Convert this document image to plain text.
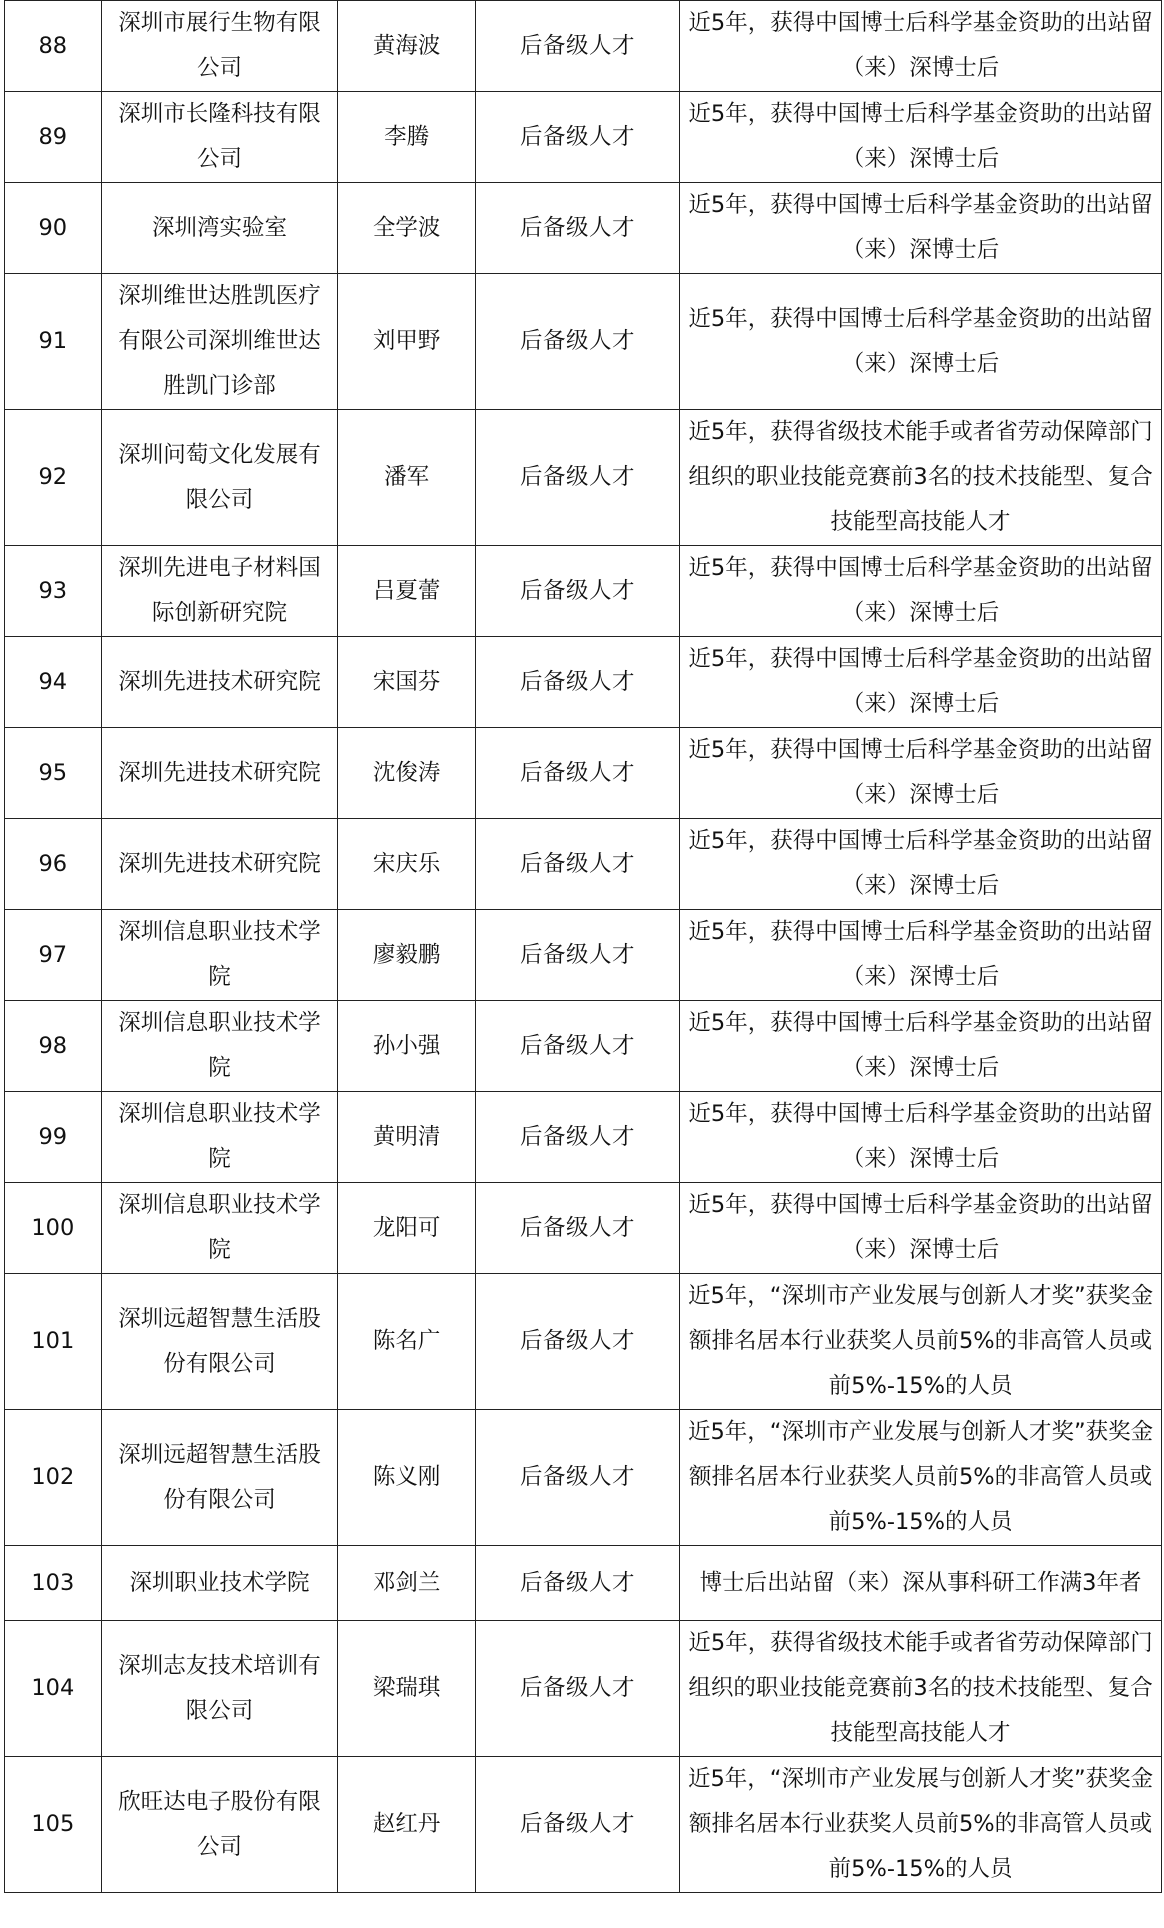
88	深圳市展行生物有限公司	黄海波	后备级人才	近5年，获得中国博士后科学基金资助的出站留（来）深博士后
89	深圳市长隆科技有限公司	李腾	后备级人才	近5年，获得中国博士后科学基金资助的出站留（来）深博士后
90	深圳湾实验室	全学波	后备级人才	近5年，获得中国博士后科学基金资助的出站留（来）深博士后
91	深圳维世达胜凯医疗有限公司深圳维世达胜凯门诊部	刘甲野	后备级人才	近5年，获得中国博士后科学基金资助的出站留（来）深博士后
92	深圳问萄文化发展有限公司	潘军	后备级人才	近5年，获得省级技术能手或者省劳动保障部门组织的职业技能竞赛前3名的技术技能型、复合技能型高技能人才
93	深圳先进电子材料国际创新研究院	吕夏蕾	后备级人才	近5年，获得中国博士后科学基金资助的出站留（来）深博士后
94	深圳先进技术研究院	宋国芬	后备级人才	近5年，获得中国博士后科学基金资助的出站留（来）深博士后
95	深圳先进技术研究院	沈俊涛	后备级人才	近5年，获得中国博士后科学基金资助的出站留（来）深博士后
96	深圳先进技术研究院	宋庆乐	后备级人才	近5年，获得中国博士后科学基金资助的出站留（来）深博士后
97	深圳信息职业技术学院	廖毅鹏	后备级人才	近5年，获得中国博士后科学基金资助的出站留（来）深博士后
98	深圳信息职业技术学院	孙小强	后备级人才	近5年，获得中国博士后科学基金资助的出站留（来）深博士后
99	深圳信息职业技术学院	黄明清	后备级人才	近5年，获得中国博士后科学基金资助的出站留（来）深博士后
100	深圳信息职业技术学院	龙阳可	后备级人才	近5年，获得中国博士后科学基金资助的出站留（来）深博士后
101	深圳远超智慧生活股份有限公司	陈名广	后备级人才	近5年，“深圳市产业发展与创新人才奖”获奖金额排名居本行业获奖人员前5%的非高管人员或前5%-15%的人员
102	深圳远超智慧生活股份有限公司	陈义刚	后备级人才	近5年，“深圳市产业发展与创新人才奖”获奖金额排名居本行业获奖人员前5%的非高管人员或前5%-15%的人员
103	深圳职业技术学院	邓剑兰	后备级人才	博士后出站留（来）深从事科研工作满3年者
104	深圳志友技术培训有限公司	梁瑞琪	后备级人才	近5年，获得省级技术能手或者省劳动保障部门组织的职业技能竞赛前3名的技术技能型、复合技能型高技能人才
105	欣旺达电子股份有限公司	赵红丹	后备级人才	近5年，“深圳市产业发展与创新人才奖”获奖金额排名居本行业获奖人员前5%的非高管人员或前5%-15%的人员
